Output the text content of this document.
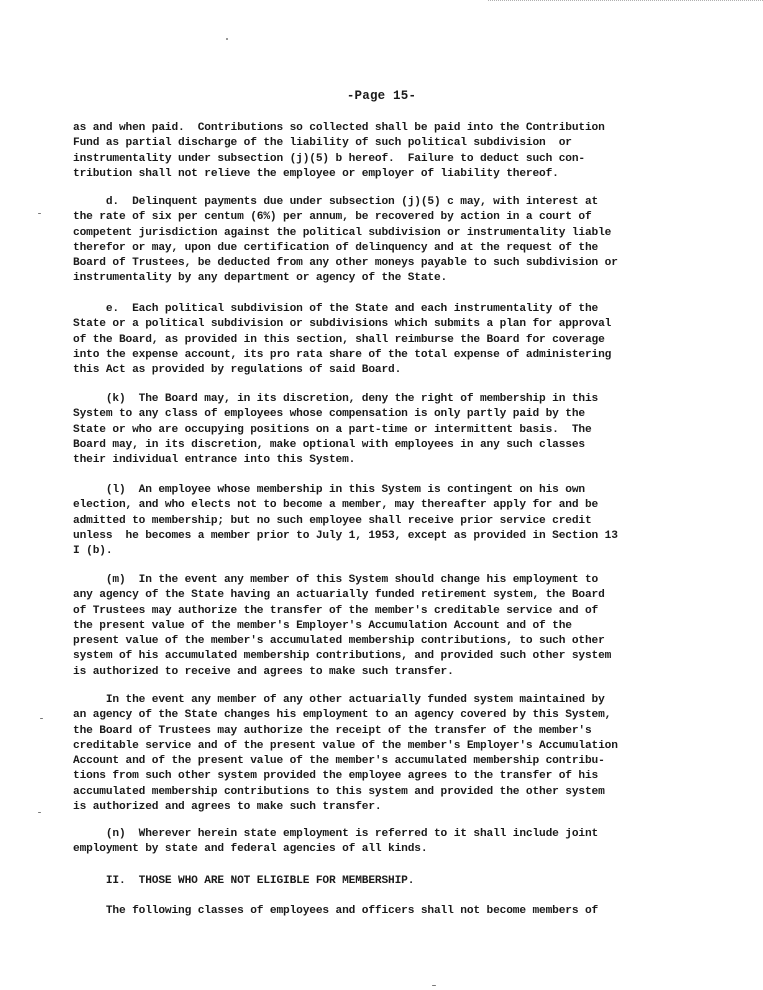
-Page 15-
as and when paid.  Contributions so collected shall be paid into the Contribution
Fund as partial discharge of the liability of such political subdivision  or
instrumentality under subsection (j)(5) b hereof.  Failure to deduct such con-
tribution shall not relieve the employee or employer of liability thereof.
d.  Delinquent payments due under subsection (j)(5) c may, with interest at
the rate of six per centum (6%) per annum, be recovered by action in a court of
competent jurisdiction against the political subdivision or instrumentality liable
therefor or may, upon due certification of delinquency and at the request of the
Board of Trustees, be deducted from any other moneys payable to such subdivision or
instrumentality by any department or agency of the State.
e.  Each political subdivision of the State and each instrumentality of the
State or a political subdivision or subdivisions which submits a plan for approval
of the Board, as provided in this section, shall reimburse the Board for coverage
into the expense account, its pro rata share of the total expense of administering
this Act as provided by regulations of said Board.
(k)  The Board may, in its discretion, deny the right of membership in this
System to any class of employees whose compensation is only partly paid by the
State or who are occupying positions on a part-time or intermittent basis.  The
Board may, in its discretion, make optional with employees in any such classes
their individual entrance into this System.
(l)  An employee whose membership in this System is contingent on his own
election, and who elects not to become a member, may thereafter apply for and be
admitted to membership; but no such employee shall receive prior service credit
unless  he becomes a member prior to July 1, 1953, except as provided in Section 13
I (b).
(m)  In the event any member of this System should change his employment to
any agency of the State having an actuarially funded retirement system, the Board
of Trustees may authorize the transfer of the member's creditable service and of
the present value of the member's Employer's Accumulation Account and of the
present value of the member's accumulated membership contributions, to such other
system of his accumulated membership contributions, and provided such other system
is authorized to receive and agrees to make such transfer.
In the event any member of any other actuarially funded system maintained by
an agency of the State changes his employment to an agency covered by this System,
the Board of Trustees may authorize the receipt of the transfer of the member's
creditable service and of the present value of the member's Employer's Accumulation
Account and of the present value of the member's accumulated membership contribu-
tions from such other system provided the employee agrees to the transfer of his
accumulated membership contributions to this system and provided the other system
is authorized and agrees to make such transfer.
(n)  Wherever herein state employment is referred to it shall include joint
employment by state and federal agencies of all kinds.
II.  THOSE WHO ARE NOT ELIGIBLE FOR MEMBERSHIP.
The following classes of employees and officers shall not become members of
